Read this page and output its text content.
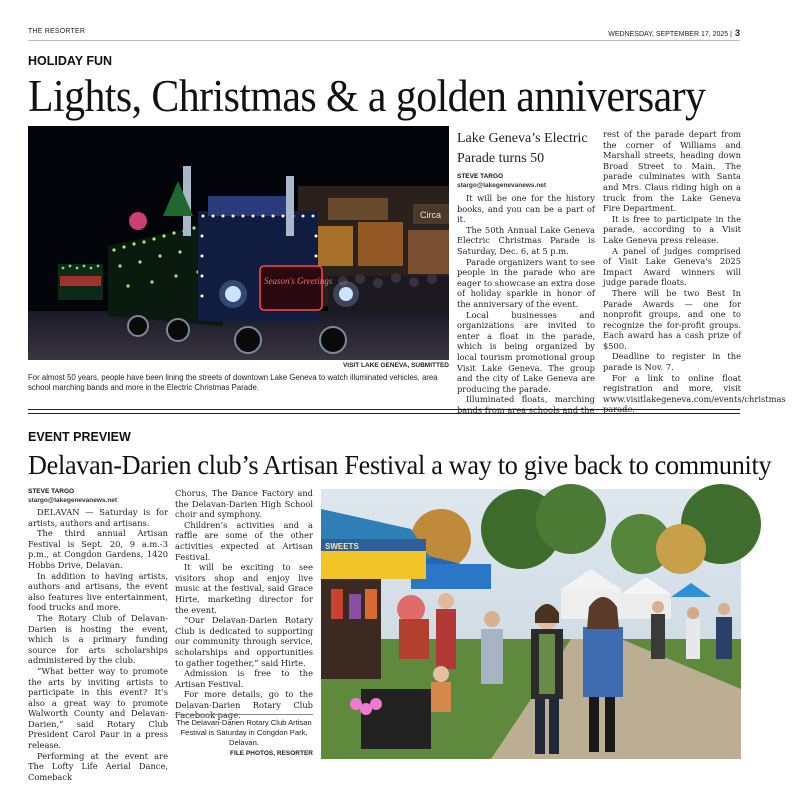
THE RESORTER	WEDNESDAY, SEPTEMBER 17, 2025 | 3
HOLIDAY FUN
Lights, Christmas & a golden anniversary
Circa
Season's Greetings
VISIT LAKE GENEVA, SUBMITTED
For almost 50 years, people have been lining the streets of downtown Lake Geneva to watch illuminated vehicles, area school marching bands and more in the Electric Christmas Parade.
Lake Geneva’s Electric Parade turns 50
STEVE TARGO
stargo@lakegenevanews.net

It will be one for the history books, and you can be a part of it.

The 50th Annual Lake Geneva Electric Christmas Parade is Saturday, Dec. 6, at 5 p.m.

Parade organizers want to see people in the parade who are eager to showcase an extra dose of holiday sparkle in honor of the anniversary of the event.

Local businesses and organizations are invited to enter a float in the parade, which is being organized by local tourism promotional group Visit Lake Geneva. The group and the city of Lake Geneva are producing the parade.

Illuminated floats, marching

rest of the parade depart from the corner of Williams and Marshall streets, heading down Broad Street to Main. The parade culminates with Santa and Mrs. Claus riding high on a truck from the Lake Geneva Fire Department.

It is free to participate in the parade, according to a Visit Lake Geneva press release.

A panel of judges comprised of Visit Lake Geneva’s 2025 Impact Award winners will judge parade floats.

There will be two Best In Parade Awards — one for nonprofit groups, and one to recognize the for-profit groups. Each award has a cash prize of $500.

Deadline to register in the parade is Nov. 7.

For a link to online float registration and more, visit www.visitlakegeneva.com/events/christmas

EVENT PREVIEW
Delavan-Darien club’s Artisan Festival a way to give back to community
STEVE TARGO
stargo@lakegenevanews.net

DELAVAN — Saturday is for artists, authors and artisans.

The third annual Artisan Festival is Sept. 20, 9 a.m.-3 p.m., at Congdon Gardens, 1420 Hobbs Drive, Delavan.

In addition to having artists, authors and artisans, the event also features live entertainment, food trucks and more.

The Rotary Club of Delavan-Darien is hosting the event, which is a primary funding source for arts scholarships administered by the club.

“What better way to promote the arts by inviting artists to participate in this event? It’s also a great way to promote Walworth County and Delavan-Darien,” said Rotary Club President Carol Paur in a press release.

Performing at the event are The Lofty Life Aerial Dance, Comeback

Chorus, The Dance Factory and the Delavan-Darien High School choir and symphony.

Children’s activities and a raffle are some of the other activities expected at Artisan Festival.

It will be exciting to see visitors shop and enjoy live music at the festival, said Grace Hirte, marketing director for the event.

“Our Delavan-Darien Rotary Club is dedicated to supporting our community through service, scholarships and opportunities to gather together,” said Hirte.

Admission is free to the Artisan Festival.

For more details, go to the Delavan-Darien Rotary Club Facebook page.

The Delavan-Darien Rotary Club Artisan Festival is Saturday in Congdon Park, Delavan.
FILE PHOTOS, RESORTER
SWEETS
